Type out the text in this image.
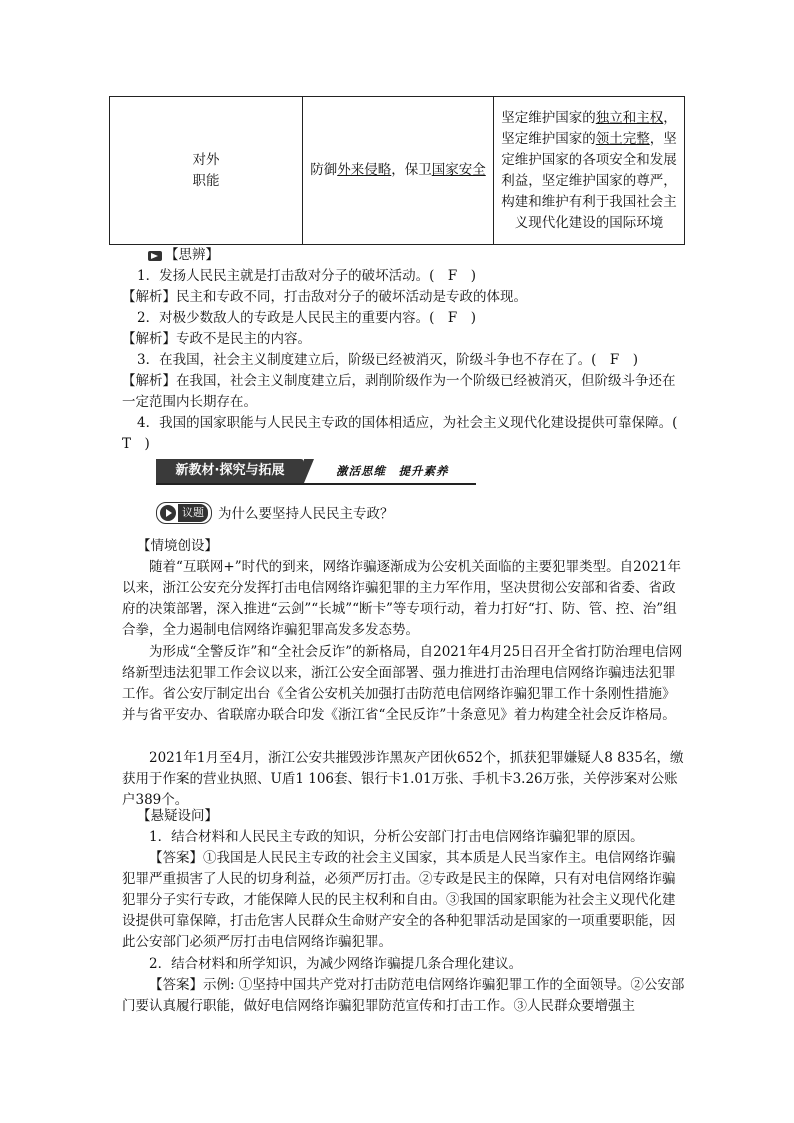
对外
职能	防御外来侵略，保卫国家安全	坚定维护国家的独立和主权，坚定维护国家的领土完整，坚定维护国家的各项安全和发展利益，坚定维护国家的尊严，构建和维护有利于我国社会主义现代化建设的国际环境
【思辨】
1．发扬人民民主就是打击敌对分子的破坏活动。(　F　)
【解析】民主和专政不同，打击敌对分子的破坏活动是专政的体现。
2．对极少数敌人的专政是人民民主的重要内容。(　F　)
【解析】专政不是民主的内容。
3．在我国，社会主义制度建立后，阶级已经被消灭，阶级斗争也不存在了。(　F　)
【解析】在我国，社会主义制度建立后，剥削阶级作为一个阶级已经被消灭，但阶级斗争还在一定范围内长期存在。
4．我国的国家职能与人民民主专政的国体相适应，为社会主义现代化建设提供可靠保障。(　T　)
新教材·探究与拓展	激活思维　提升素养
议题 为什么要坚持人民民主专政？
【情境创设】
随着“互联网+”时代的到来，网络诈骗逐渐成为公安机关面临的主要犯罪类型。自2021年以来，浙江公安充分发挥打击电信网络诈骗犯罪的主力军作用，坚决贯彻公安部和省委、省政府的决策部署，深入推进“云剑”“长城”“断卡”等专项行动，着力打好“打、防、管、控、治”组合拳，全力遏制电信网络诈骗犯罪高发多发态势。
为形成“全警反诈”和“全社会反诈”的新格局，自2021年4月25日召开全省打防治理电信网络新型违法犯罪工作会议以来，浙江公安全面部署、强力推进打击治理电信网络诈骗违法犯罪工作。省公安厅制定出台《全省公安机关加强打击防范电信网络诈骗犯罪工作十条刚性措施》并与省平安办、省联席办联合印发《浙江省“全民反诈”十条意见》着力构建全社会反诈格局。
2021年1月至4月，浙江公安共摧毁涉诈黑灰产团伙652个，抓获犯罪嫌疑人8 835名，缴获用于作案的营业执照、U盾1 106套、银行卡1.01万张、手机卡3.26万张，关停涉案对公账户389个。
【悬疑设问】
1．结合材料和人民民主专政的知识，分析公安部门打击电信网络诈骗犯罪的原因。
【答案】①我国是人民民主专政的社会主义国家，其本质是人民当家作主。电信网络诈骗犯罪严重损害了人民的切身利益，必须严厉打击。②专政是民主的保障，只有对电信网络诈骗犯罪分子实行专政，才能保障人民的民主权利和自由。③我国的国家职能为社会主义现代化建设提供可靠保障，打击危害人民群众生命财产安全的各种犯罪活动是国家的一项重要职能，因此公安部门必须严厉打击电信网络诈骗犯罪。
2．结合材料和所学知识，为减少网络诈骗提几条合理化建议。
【答案】示例: ①坚持中国共产党对打击防范电信网络诈骗犯罪工作的全面领导。②公安部门要认真履行职能，做好电信网络诈骗犯罪防范宣传和打击工作。③人民群众要增强主
